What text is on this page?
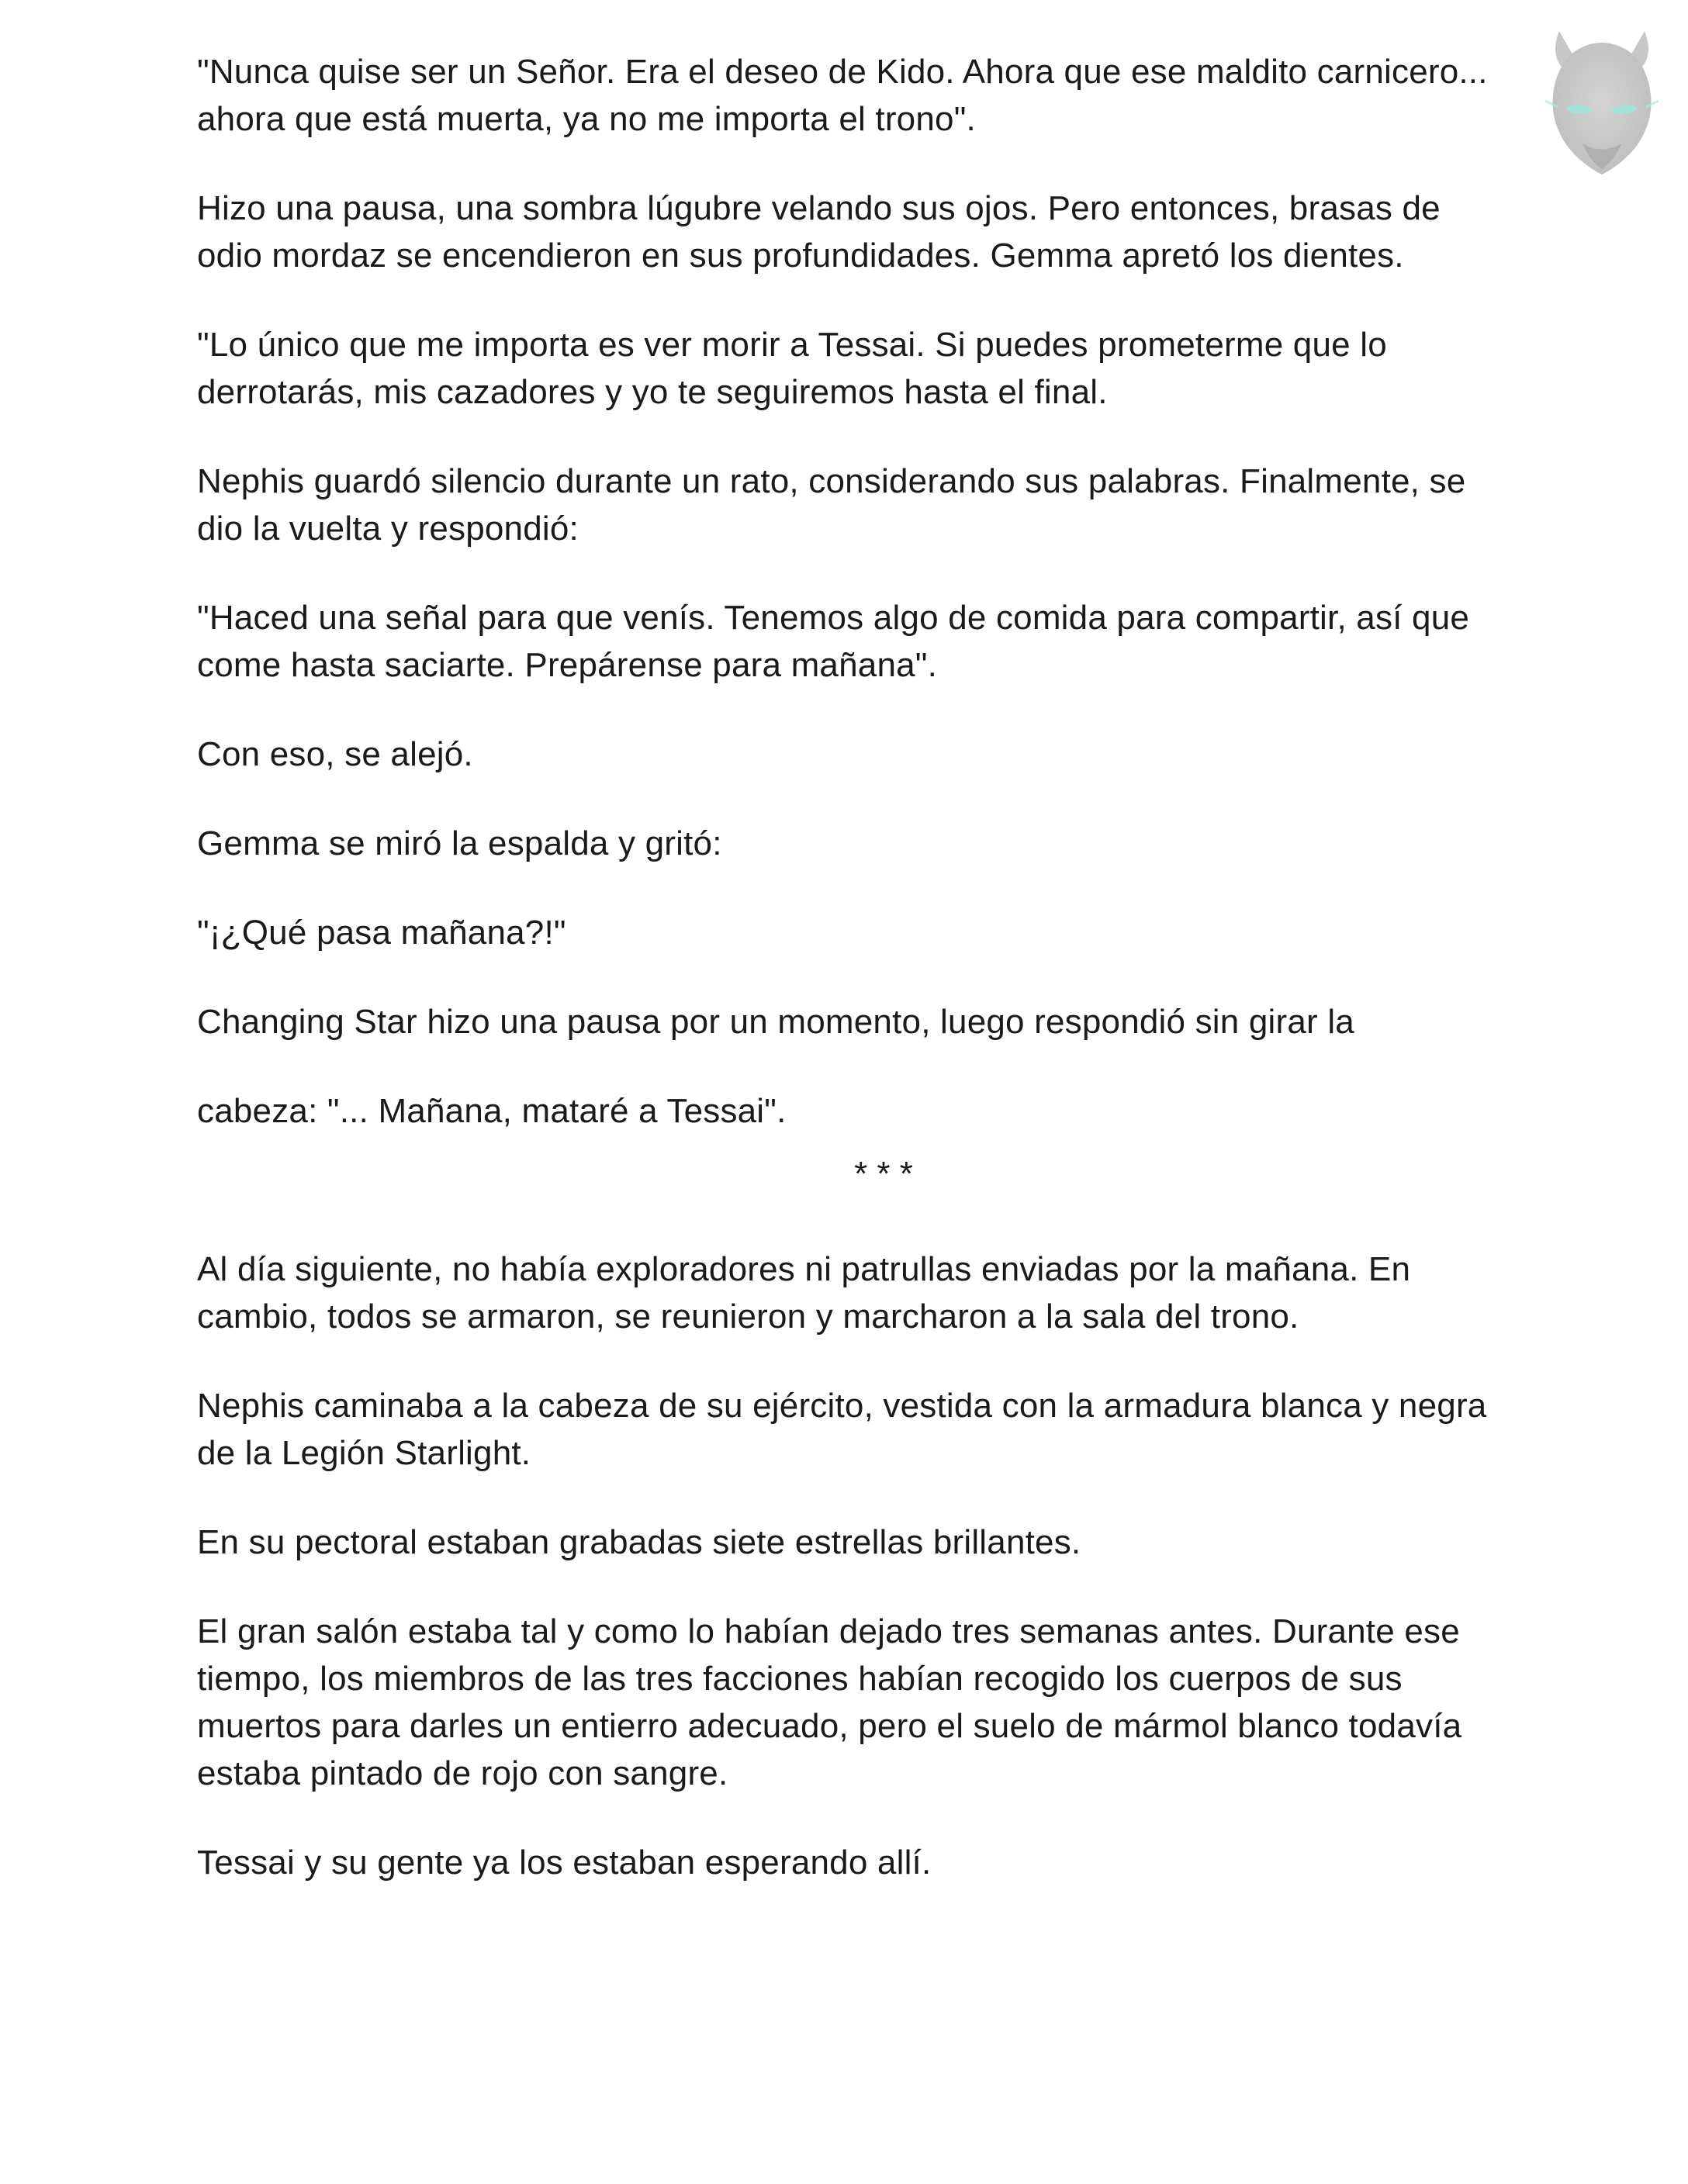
"Nunca quise ser un Señor. Era el deseo de Kido. Ahora que ese maldito carnicero... ahora que está muerta, ya no me importa el trono".

Hizo una pausa, una sombra lúgubre velando sus ojos. Pero entonces, brasas de odio mordaz se encendieron en sus profundidades. Gemma apretó los dientes.

"Lo único que me importa es ver morir a Tessai. Si puedes prometerme que lo derrotarás, mis cazadores y yo te seguiremos hasta el final.

Nephis guardó silencio durante un rato, considerando sus palabras. Finalmente, se dio la vuelta y respondió:

"Haced una señal para que venís. Tenemos algo de comida para compartir, así que come hasta saciarte. Prepárense para mañana".

Con eso, se alejó.

Gemma se miró la espalda y gritó:

"¡¿Qué pasa mañana?!"

Changing Star hizo una pausa por un momento, luego respondió sin girar la

cabeza: "... Mañana, mataré a Tessai".

* * *

Al día siguiente, no había exploradores ni patrullas enviadas por la mañana. En cambio, todos se armaron, se reunieron y marcharon a la sala del trono.

Nephis caminaba a la cabeza de su ejército, vestida con la armadura blanca y negra de la Legión Starlight.

En su pectoral estaban grabadas siete estrellas brillantes.

El gran salón estaba tal y como lo habían dejado tres semanas antes. Durante ese tiempo, los miembros de las tres facciones habían recogido los cuerpos de sus muertos para darles un entierro adecuado, pero el suelo de mármol blanco todavía estaba pintado de rojo con sangre.

Tessai y su gente ya los estaban esperando allí.
